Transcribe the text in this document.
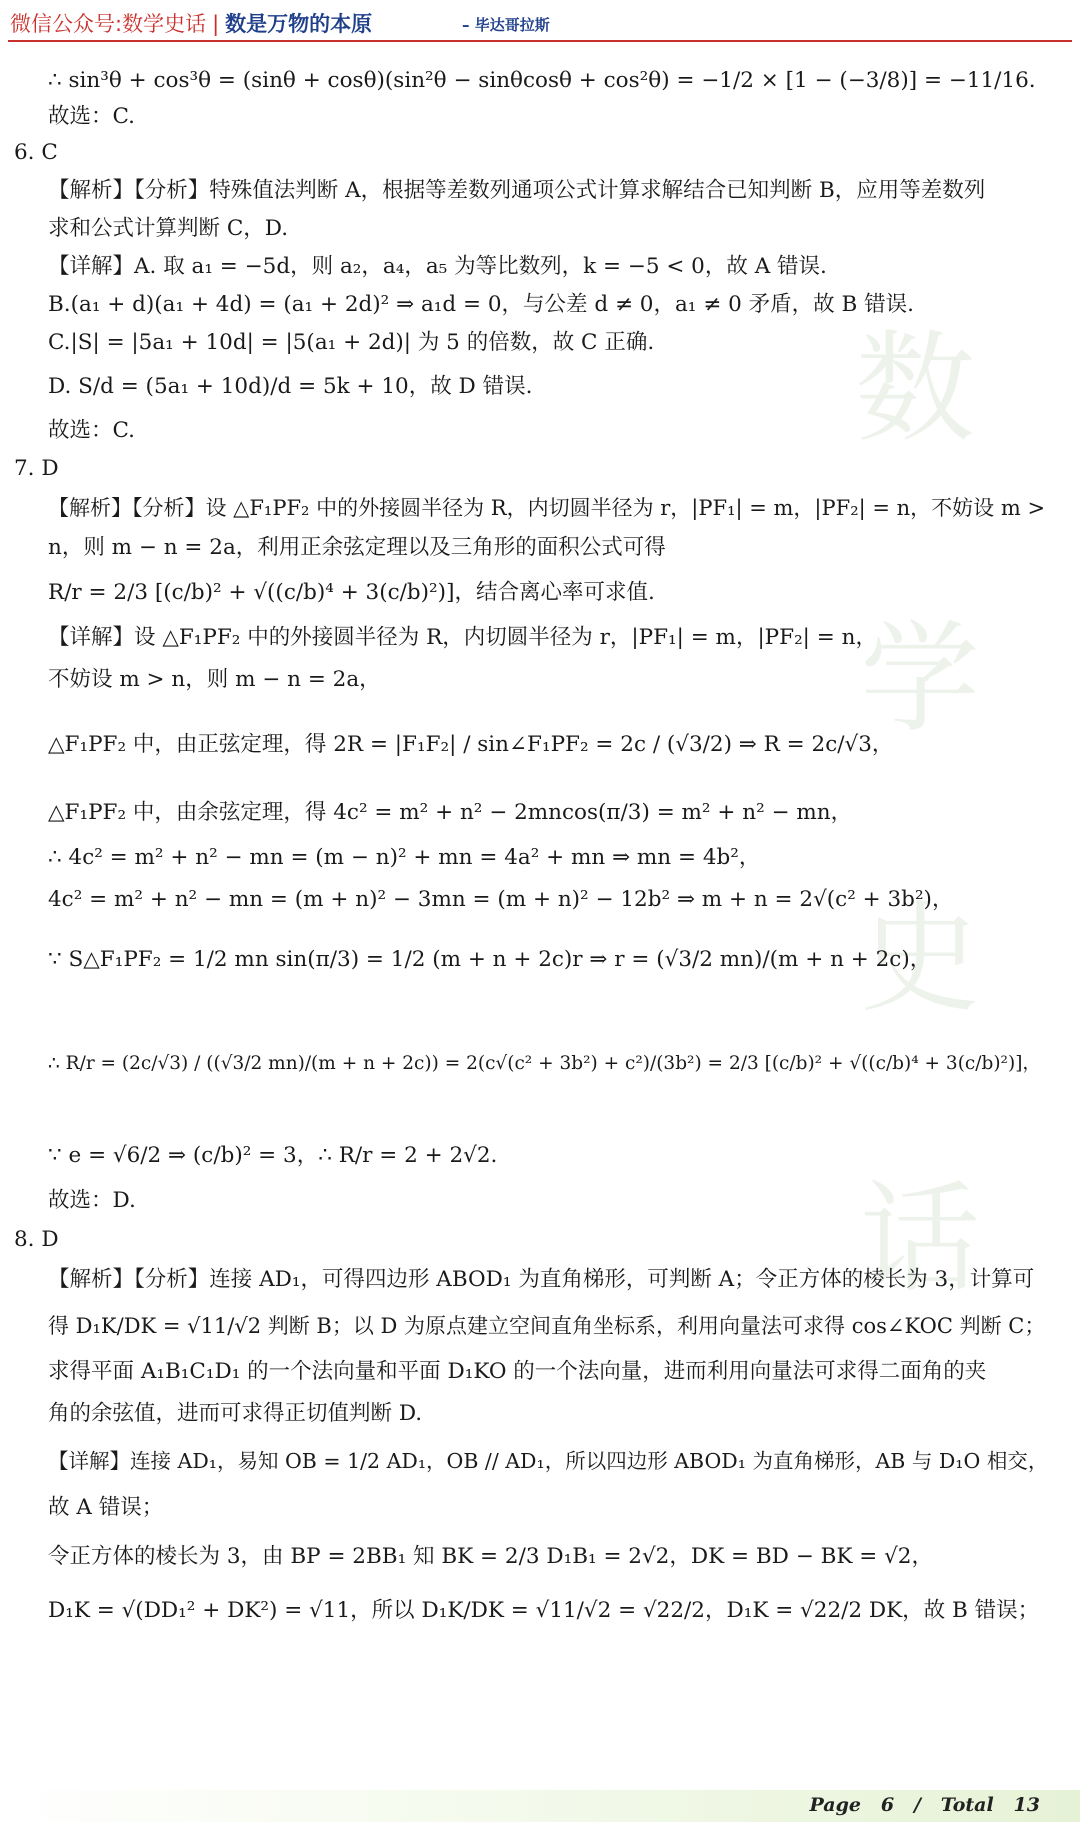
微信公众号:数学史话 | 数是万物的本原	– 毕达哥拉斯
数
学
史
话
∴ sin³θ + cos³θ = (sinθ + cosθ)(sin²θ − sinθcosθ + cos²θ) = −1/2 × [1 − (−3/8)] = −11/16.
故选：C.
6. C
【解析】【分析】特殊值法判断 A，根据等差数列通项公式计算求解结合已知判断 B，应用等差数列
求和公式计算判断 C，D.
【详解】A. 取 a₁ = −5d，则 a₂，a₄，a₅ 为等比数列，k = −5 < 0，故 A 错误.
B.(a₁ + d)(a₁ + 4d) = (a₁ + 2d)² ⇒ a₁d = 0，与公差 d ≠ 0，a₁ ≠ 0 矛盾，故 B 错误.
C.|S| = |5a₁ + 10d| = |5(a₁ + 2d)| 为 5 的倍数，故 C 正确.
D. S/d = (5a₁ + 10d)/d = 5k + 10，故 D 错误.
故选：C.
7. D
【解析】【分析】设 △F₁PF₂ 中的外接圆半径为 R，内切圆半径为 r，|PF₁| = m，|PF₂| = n，不妨设 m >
n，则 m − n = 2a，利用正余弦定理以及三角形的面积公式可得
R/r = 2/3 [(c/b)² + √((c/b)⁴ + 3(c/b)²)]，结合离心率可求值.
【详解】设 △F₁PF₂ 中的外接圆半径为 R，内切圆半径为 r，|PF₁| = m，|PF₂| = n，
不妨设 m > n，则 m − n = 2a，
△F₁PF₂ 中，由正弦定理，得 2R = |F₁F₂| / sin∠F₁PF₂ = 2c / (√3/2) ⇒ R = 2c/√3，
△F₁PF₂ 中，由余弦定理，得 4c² = m² + n² − 2mncos(π/3) = m² + n² − mn，
∴ 4c² = m² + n² − mn = (m − n)² + mn = 4a² + mn ⇒ mn = 4b²，
4c² = m² + n² − mn = (m + n)² − 3mn = (m + n)² − 12b² ⇒ m + n = 2√(c² + 3b²)，
∵ S△F₁PF₂ = 1/2 mn sin(π/3) = 1/2 (m + n + 2c)r ⇒ r = (√3/2 mn)/(m + n + 2c)，
∴ R/r = (2c/√3) / ((√3/2 mn)/(m + n + 2c)) = 2(c√(c² + 3b²) + c²)/(3b²) = 2/3 [(c/b)² + √((c/b)⁴ + 3(c/b)²)]，
∵ e = √6/2 ⇒ (c/b)² = 3，∴ R/r = 2 + 2√2.
故选：D.
8. D
【解析】【分析】连接 AD₁，可得四边形 ABOD₁ 为直角梯形，可判断 A；令正方体的棱长为 3，计算可
得 D₁K/DK = √11/√2 判断 B；以 D 为原点建立空间直角坐标系，利用向量法可求得 cos∠KOC 判断 C；
求得平面 A₁B₁C₁D₁ 的一个法向量和平面 D₁KO 的一个法向量，进而利用向量法可求得二面角的夹
角的余弦值，进而可求得正切值判断 D.
【详解】连接 AD₁，易知 OB = 1/2 AD₁，OB // AD₁，所以四边形 ABOD₁ 为直角梯形，AB 与 D₁O 相交，
故 A 错误；
令正方体的棱长为 3，由 BP = 2BB₁ 知 BK = 2/3 D₁B₁ = 2√2，DK = BD − BK = √2，
D₁K = √(DD₁² + DK²) = √11，所以 D₁K/DK = √11/√2 = √22/2，D₁K = √22/2 DK，故 B 错误；
Page 6 / Total 13
